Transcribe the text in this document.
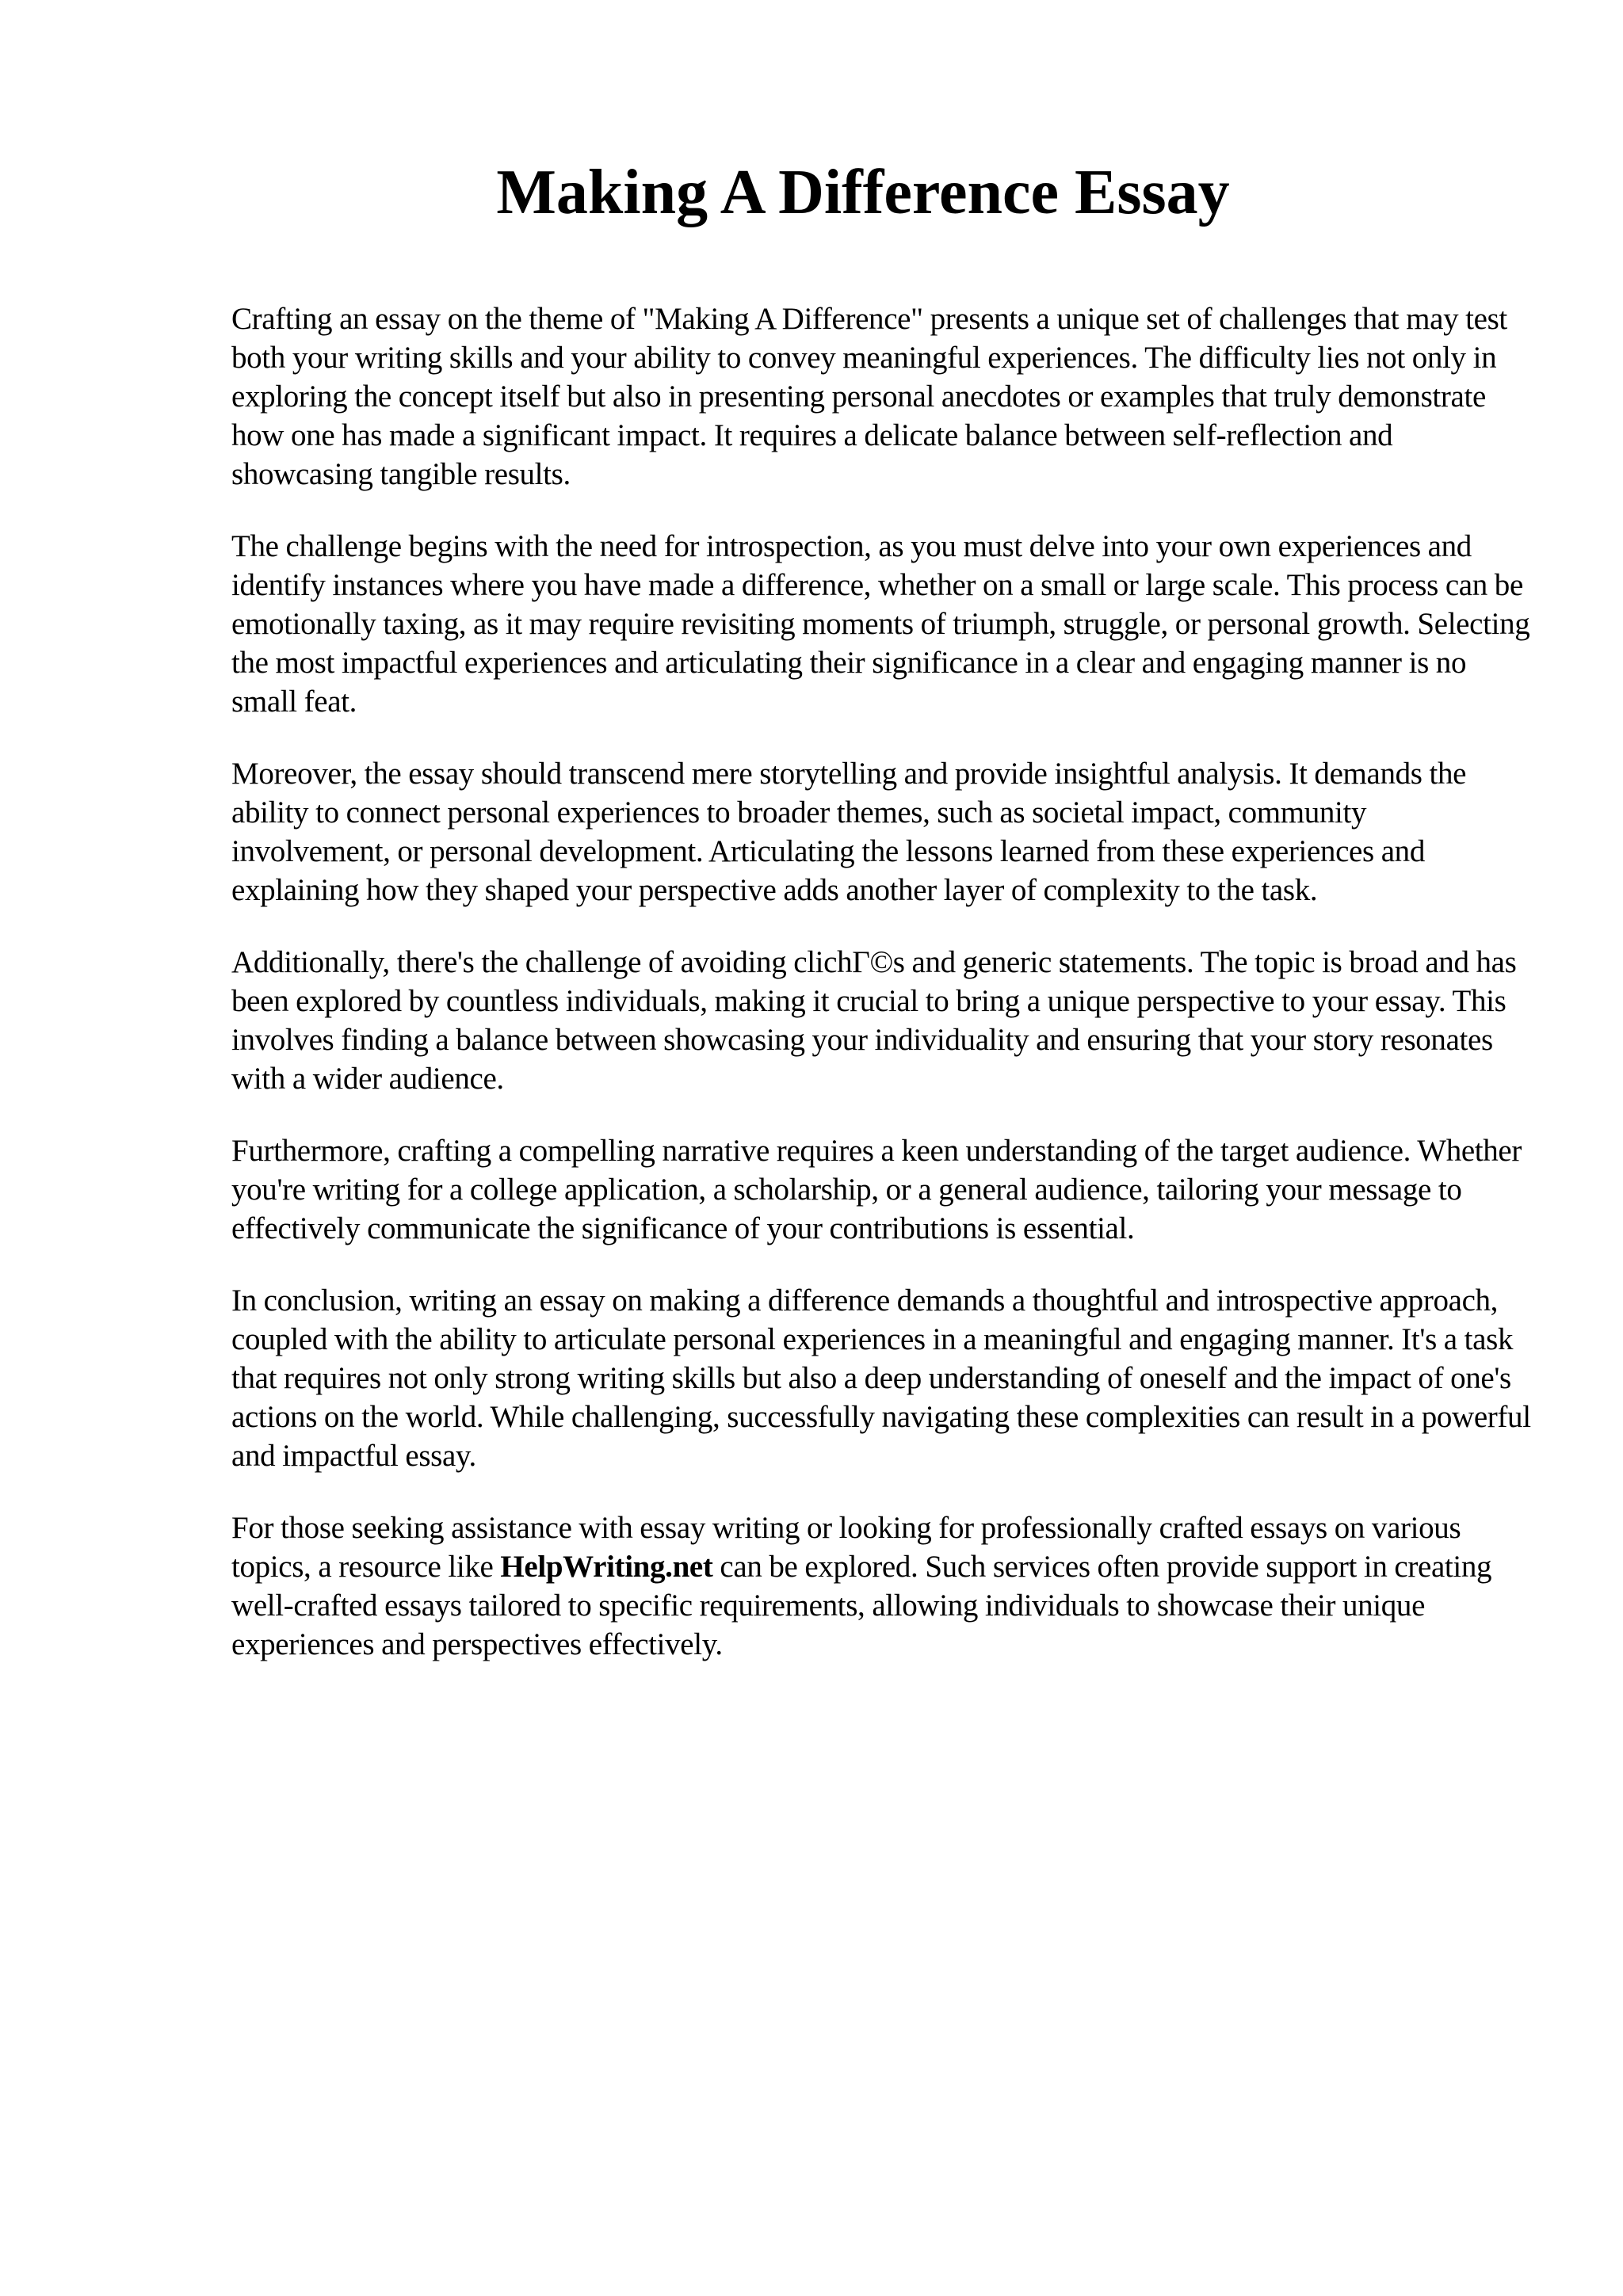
Making A Difference Essay

Crafting an essay on the theme of "Making A Difference" presents a unique set of challenges that may test both your writing skills and your ability to convey meaningful experiences. The difficulty lies not only in exploring the concept itself but also in presenting personal anecdotes or examples that truly demonstrate how one has made a significant impact. It requires a delicate balance between self-reflection and showcasing tangible results.

The challenge begins with the need for introspection, as you must delve into your own experiences and identify instances where you have made a difference, whether on a small or large scale. This process can be emotionally taxing, as it may require revisiting moments of triumph, struggle, or personal growth. Selecting the most impactful experiences and articulating their significance in a clear and engaging manner is no small feat.

Moreover, the essay should transcend mere storytelling and provide insightful analysis. It demands the ability to connect personal experiences to broader themes, such as societal impact, community involvement, or personal development. Articulating the lessons learned from these experiences and explaining how they shaped your perspective adds another layer of complexity to the task.

Additionally, there's the challenge of avoiding clichГ©s and generic statements. The topic is broad and has been explored by countless individuals, making it crucial to bring a unique perspective to your essay. This involves finding a balance between showcasing your individuality and ensuring that your story resonates with a wider audience.

Furthermore, crafting a compelling narrative requires a keen understanding of the target audience. Whether you're writing for a college application, a scholarship, or a general audience, tailoring your message to effectively communicate the significance of your contributions is essential.

In conclusion, writing an essay on making a difference demands a thoughtful and introspective approach, coupled with the ability to articulate personal experiences in a meaningful and engaging manner. It's a task that requires not only strong writing skills but also a deep understanding of oneself and the impact of one's actions on the world. While challenging, successfully navigating these complexities can result in a powerful and impactful essay.

For those seeking assistance with essay writing or looking for professionally crafted essays on various topics, a resource like HelpWriting.net can be explored. Such services often provide support in creating well-crafted essays tailored to specific requirements, allowing individuals to showcase their unique experiences and perspectives effectively.
